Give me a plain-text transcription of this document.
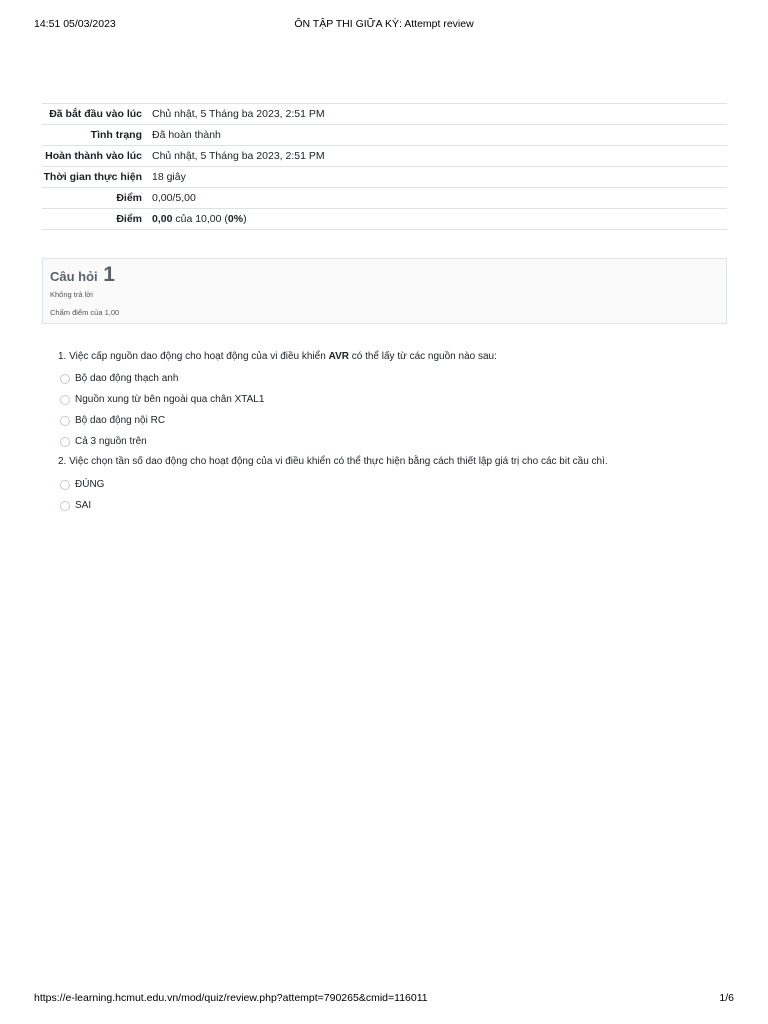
14:51 05/03/2023	ÔN TẬP THI GIỮA KỲ: Attempt review
Đã bắt đầu vào lúc	Chủ nhật, 5 Tháng ba 2023, 2:51 PM
Tình trạng	Đã hoàn thành
Hoàn thành vào lúc	Chủ nhật, 5 Tháng ba 2023, 2:51 PM
Thời gian thực hiện	18 giây
Điểm	0,00/5,00
Điểm	0,00 của 10,00 (0%)
Câu hỏi 1
Không trả lời
Chấm điểm của 1,00
1. Việc cấp nguồn dao động cho hoạt động của vi điều khiển AVR có thể lấy từ các nguồn nào sau:
Bộ dao động thạch anh
Nguồn xung từ bên ngoài qua chân XTAL1
Bộ dao động nội RC
Cả 3 nguồn trên
2. Việc chọn tần số dao động cho hoạt động của vi điều khiển có thể thực hiện bằng cách thiết lập giá trị cho các bit cầu chì.
ĐÚNG
SAI
https://e-learning.hcmut.edu.vn/mod/quiz/review.php?attempt=790265&cmid=116011	1/6
